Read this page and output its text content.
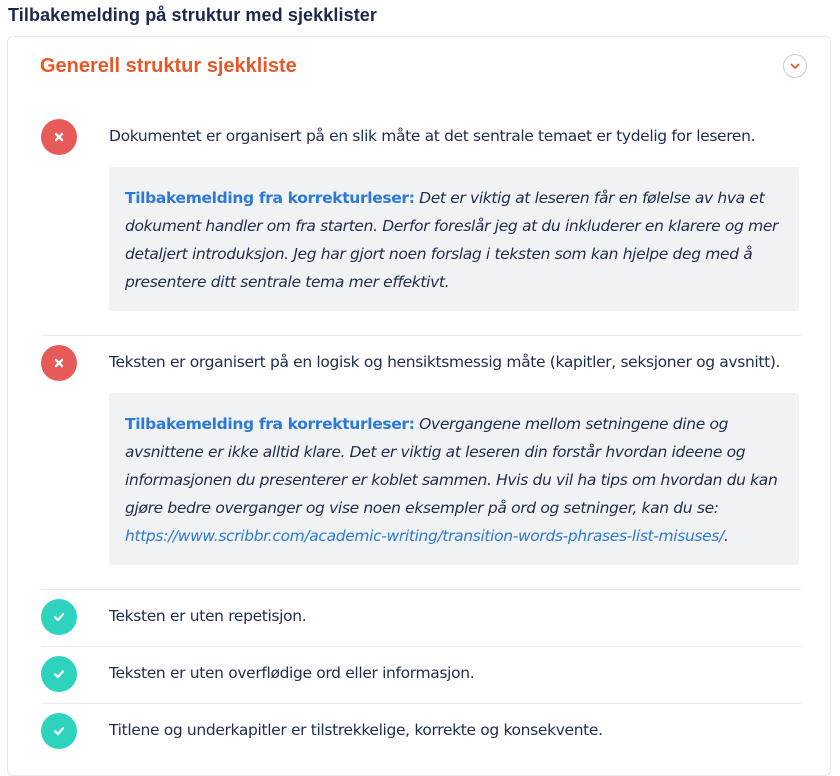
Tilbakemelding på struktur med sjekklister
Generell struktur sjekkliste
Dokumentet er organisert på en slik måte at det sentrale temaet er tydelig for leseren.
Tilbakemelding fra korrekturleser: Det er viktig at leseren får en følelse av hva et dokument handler om fra starten. Derfor foreslår jeg at du inkluderer en klarere og mer detaljert introduksjon. Jeg har gjort noen forslag i teksten som kan hjelpe deg med å presentere ditt sentrale tema mer effektivt.
Teksten er organisert på en logisk og hensiktsmessig måte (kapitler, seksjoner og avsnitt).
Tilbakemelding fra korrekturleser: Overgangene mellom setningene dine og avsnittene er ikke alltid klare. Det er viktig at leseren din forstår hvordan ideene og informasjonen du presenterer er koblet sammen. Hvis du vil ha tips om hvordan du kan gjøre bedre overganger og vise noen eksempler på ord og setninger, kan du se: https://www.scribbr.com/academic-writing/transition-words-phrases-list-misuses/.
Teksten er uten repetisjon.
Teksten er uten overflødige ord eller informasjon.
Titlene og underkapitler er tilstrekkelige, korrekte og konsekvente.
